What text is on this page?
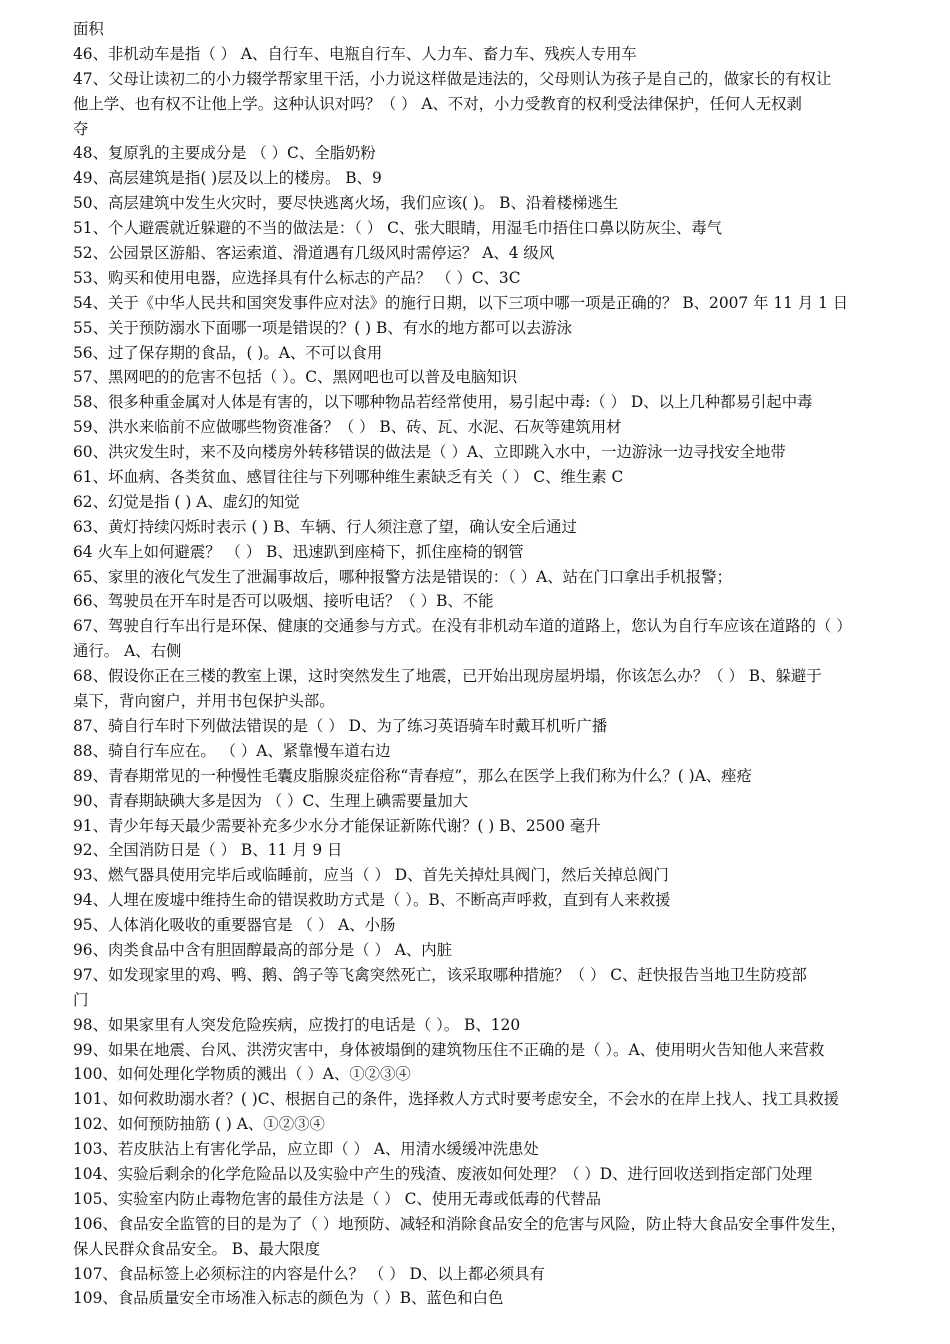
面积
46、非机动车是指（ ） A、自行车、电瓶自行车、人力车、畜力车、残疾人专用车
47、父母让读初二的小力辍学帮家里干活，小力说这样做是违法的，父母则认为孩子是自己的，做家长的有权让
他上学、也有权不让他上学。这种认识对吗？（ ） A、不对，小力受教育的权利受法律保护，任何人无权剥
夺
48、复原乳的主要成分是 （ ）C、全脂奶粉
49、高层建筑是指( )层及以上的楼房。 B、9
50、高层建筑中发生火灾时，要尽快逃离火场，我们应该( )。 B、沿着楼梯逃生
51、个人避震就近躲避的不当的做法是：（ ） C、张大眼睛，用湿毛巾捂住口鼻以防灰尘、毒气
52、公园景区游船、客运索道、滑道遇有几级风时需停运？ A、4 级风
53、购买和使用电器，应选择具有什么标志的产品？ （ ）C、3C
54、关于《中华人民共和国突发事件应对法》的施行日期，以下三项中哪一项是正确的？ B、2007 年 11 月 1 日
55、关于预防溺水下面哪一项是错误的？( ) B、有水的地方都可以去游泳
56、过了保存期的食品，( )。A、不可以食用
57、黑网吧的的危害不包括（ ）。C、黑网吧也可以普及电脑知识
58、很多种重金属对人体是有害的，以下哪种物品若经常使用，易引起中毒:（ ） D、以上几种都易引起中毒
59、洪水来临前不应做哪些物资准备？（ ） B、砖、瓦、水泥、石灰等建筑用材
60、洪灾发生时，来不及向楼房外转移错误的做法是（ ）A、立即跳入水中，一边游泳一边寻找安全地带
61、坏血病、各类贫血、感冒往往与下列哪种维生素缺乏有关（ ） C、维生素 C
62、幻觉是指 ( ) A、虚幻的知觉
63、黄灯持续闪烁时表示 ( ) B、车辆、行人须注意了望，确认安全后通过
64 火车上如何避震？ （ ） B、迅速趴到座椅下，抓住座椅的钢管
65、家里的液化气发生了泄漏事故后，哪种报警方法是错误的：（ ）A、站在门口拿出手机报警；
66、驾驶员在开车时是否可以吸烟、接听电话？（ ）B、不能
67、驾驶自行车出行是环保、健康的交通参与方式。在没有非机动车道的道路上，您认为自行车应该在道路的（ ）
通行。 A、右侧
68、假设你正在三楼的教室上课，这时突然发生了地震，已开始出现房屋坍塌，你该怎么办？（ ） B、躲避于
桌下，背向窗户，并用书包保护头部。
87、骑自行车时下列做法错误的是（ ） D、为了练习英语骑车时戴耳机听广播
88、骑自行车应在。 （ ）A、紧靠慢车道右边
89、青春期常见的一种慢性毛囊皮脂腺炎症俗称“青春痘”，那么在医学上我们称为什么？( )A、痤疮
90、青春期缺碘大多是因为 （ ）C、生理上碘需要量加大
91、青少年每天最少需要补充多少水分才能保证新陈代谢？( ) B、2500 毫升
92、全国消防日是（ ） B、11 月 9 日
93、燃气器具使用完毕后或临睡前，应当（ ） D、首先关掉灶具阀门，然后关掉总阀门
94、人埋在废墟中维持生命的错误救助方式是（ ）。B、不断高声呼救，直到有人来救援
95、人体消化吸收的重要器官是 （ ） A、小肠
96、肉类食品中含有胆固醇最高的部分是（ ） A、内脏
97、如发现家里的鸡、鸭、鹅、鸽子等飞禽突然死亡，该采取哪种措施？（ ） C、赶快报告当地卫生防疫部
门
98、如果家里有人突发危险疾病，应拨打的电话是（ ）。 B、120
99、如果在地震、台风、洪涝灾害中，身体被塌倒的建筑物压住不正确的是（ ）。A、使用明火告知他人来营救
100、如何处理化学物质的溅出（ ）A、①②③④
101、如何救助溺水者？( )C、根据自己的条件，选择救人方式时要考虑安全，不会水的在岸上找人、找工具救援
102、如何预防抽筋 ( ) A、①②③④
103、若皮肤沾上有害化学品，应立即（ ） A、用清水缓缓冲洗患处
104、实验后剩余的化学危险品以及实验中产生的残渣、废液如何处理？（ ）D、进行回收送到指定部门处理
105、实验室内防止毒物危害的最佳方法是（ ） C、使用无毒或低毒的代替品
106、食品安全监管的目的是为了（ ）地预防、减轻和消除食品安全的危害与风险，防止特大食品安全事件发生，
保人民群众食品安全。 B、最大限度
107、食品标签上必须标注的内容是什么？ （ ） D、以上都必须具有
109、食品质量安全市场准入标志的颜色为（ ）B、蓝色和白色
